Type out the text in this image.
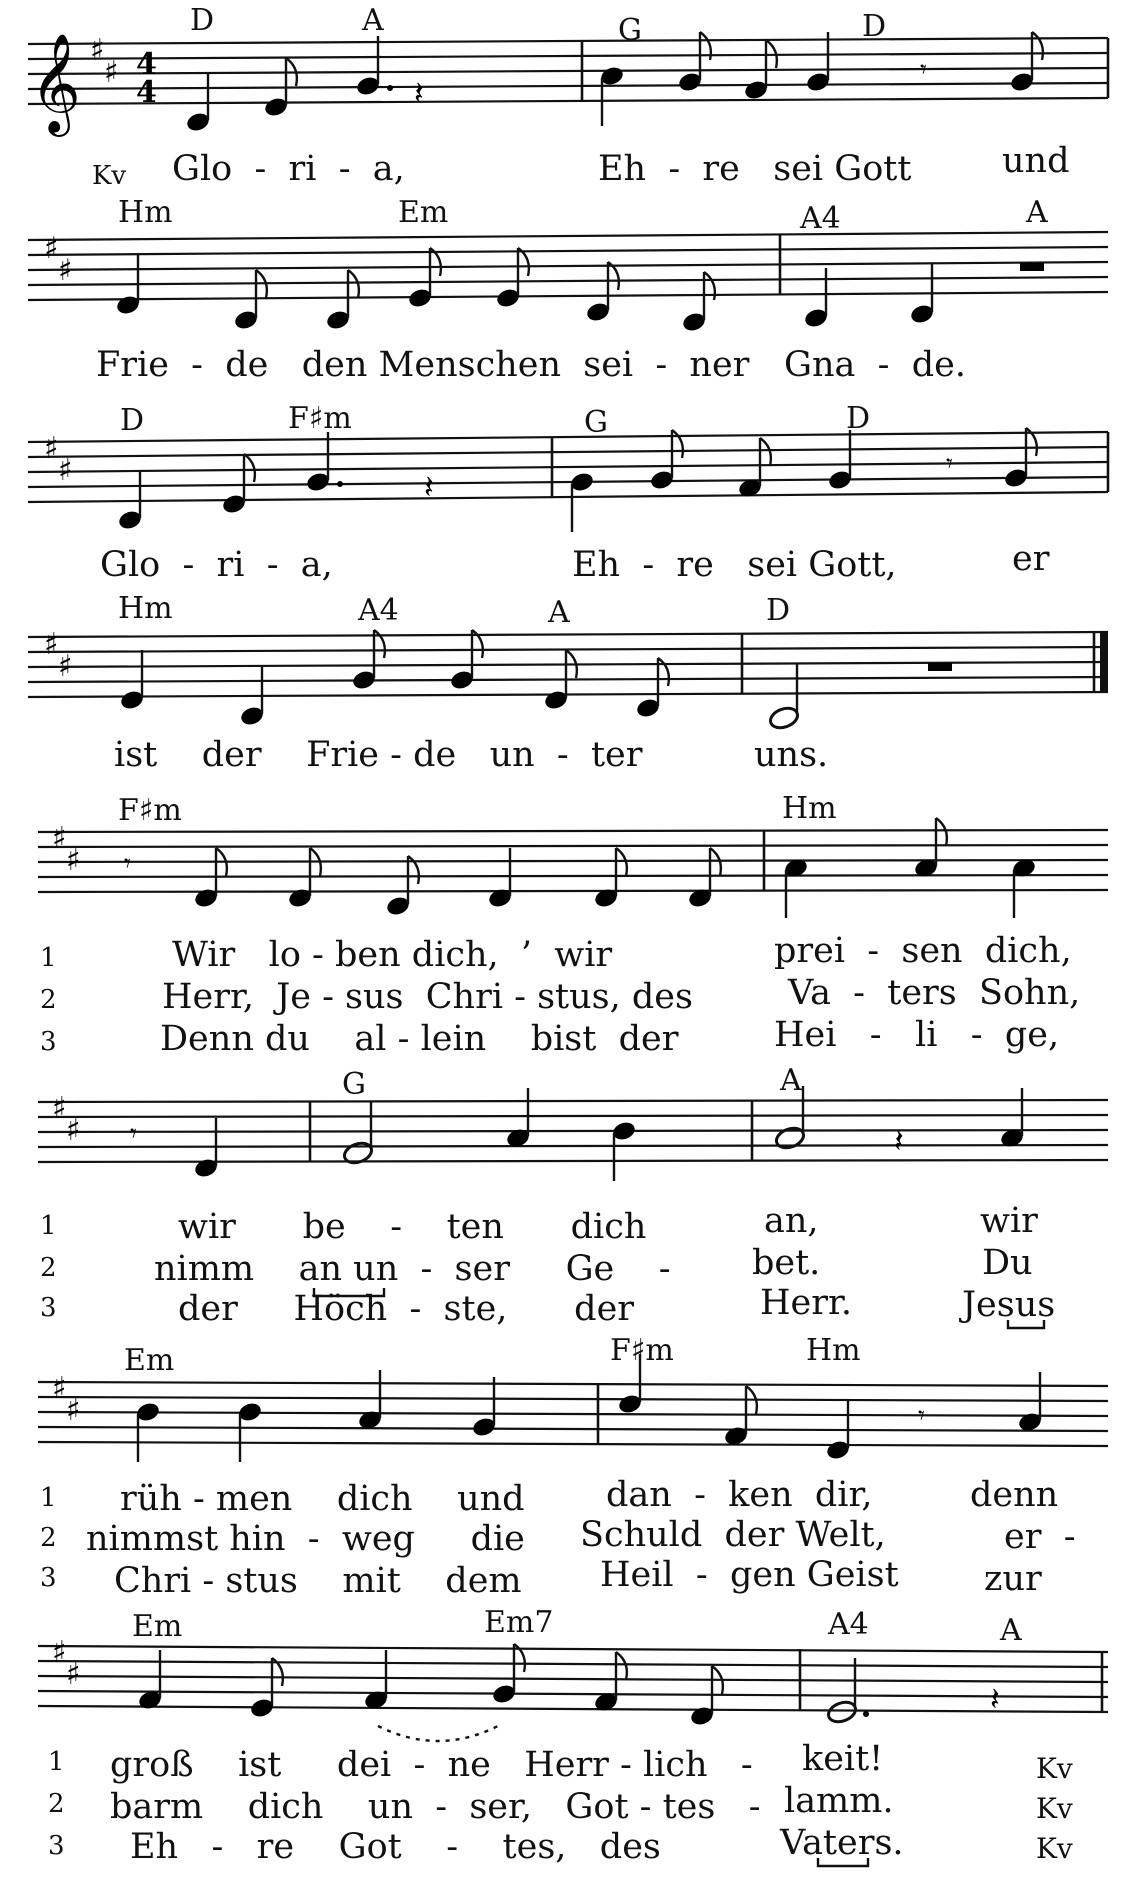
𝄞 ♯
♯ 4
4	𝄽
𝄾
D	A	G	D
Kv Glo  -  ri  -  a,	Eh  -  re   sei Gott	und
♯
♯
Hm	Em	A4	A
Frie  -  de   den Menschen  sei  -  ner Gna  -  de.
♯
♯	𝄽
𝄾
D	F♯m	G	D
Glo  -  ri  -  a,	Eh  -  re   sei Gott,	er
♯
♯
Hm	A4	A	D
ist    der    Frie - de   un  -  ter	uns.
♯
♯ 𝄾
F♯m	Hm
1	Wir   lo - ben dich,  ’  wir	prei  -  sen  dich,
2	Herr,  Je - sus  Chri - stus, des	Va  -  ters  Sohn,
3	Denn du    al - lein    bist  der	Hei   -   li   -  ge,
♯
♯ 𝄾	𝄽
G	A
1	wir      be    -    ten      dich	an,	wir
2	nimm    an un  -  ser     Ge    - bet.	Du
3	der     Höch  -  ste,      der	Herr.	Jesus
♯
♯	𝄾
Em	F♯m	Hm
1 rüh - men    dich    und dan  -  ken  dir,	denn
2 nimmst hin  -  weg     die Schuld  der Welt,	er  -
3 Chri - stus    mit    dem Heil  -  gen Geist zur
♯
♯
𝄽
Em	Em7	A4	A
1 groß    ist     dei  -  ne   Herr - lich   - keit!	Kv
2 barm    dich    un  -  ser,   Got - tes   - lamm.	Kv
3 Eh   -   re    Got    -    tes,   des	Vaters.	Kv
